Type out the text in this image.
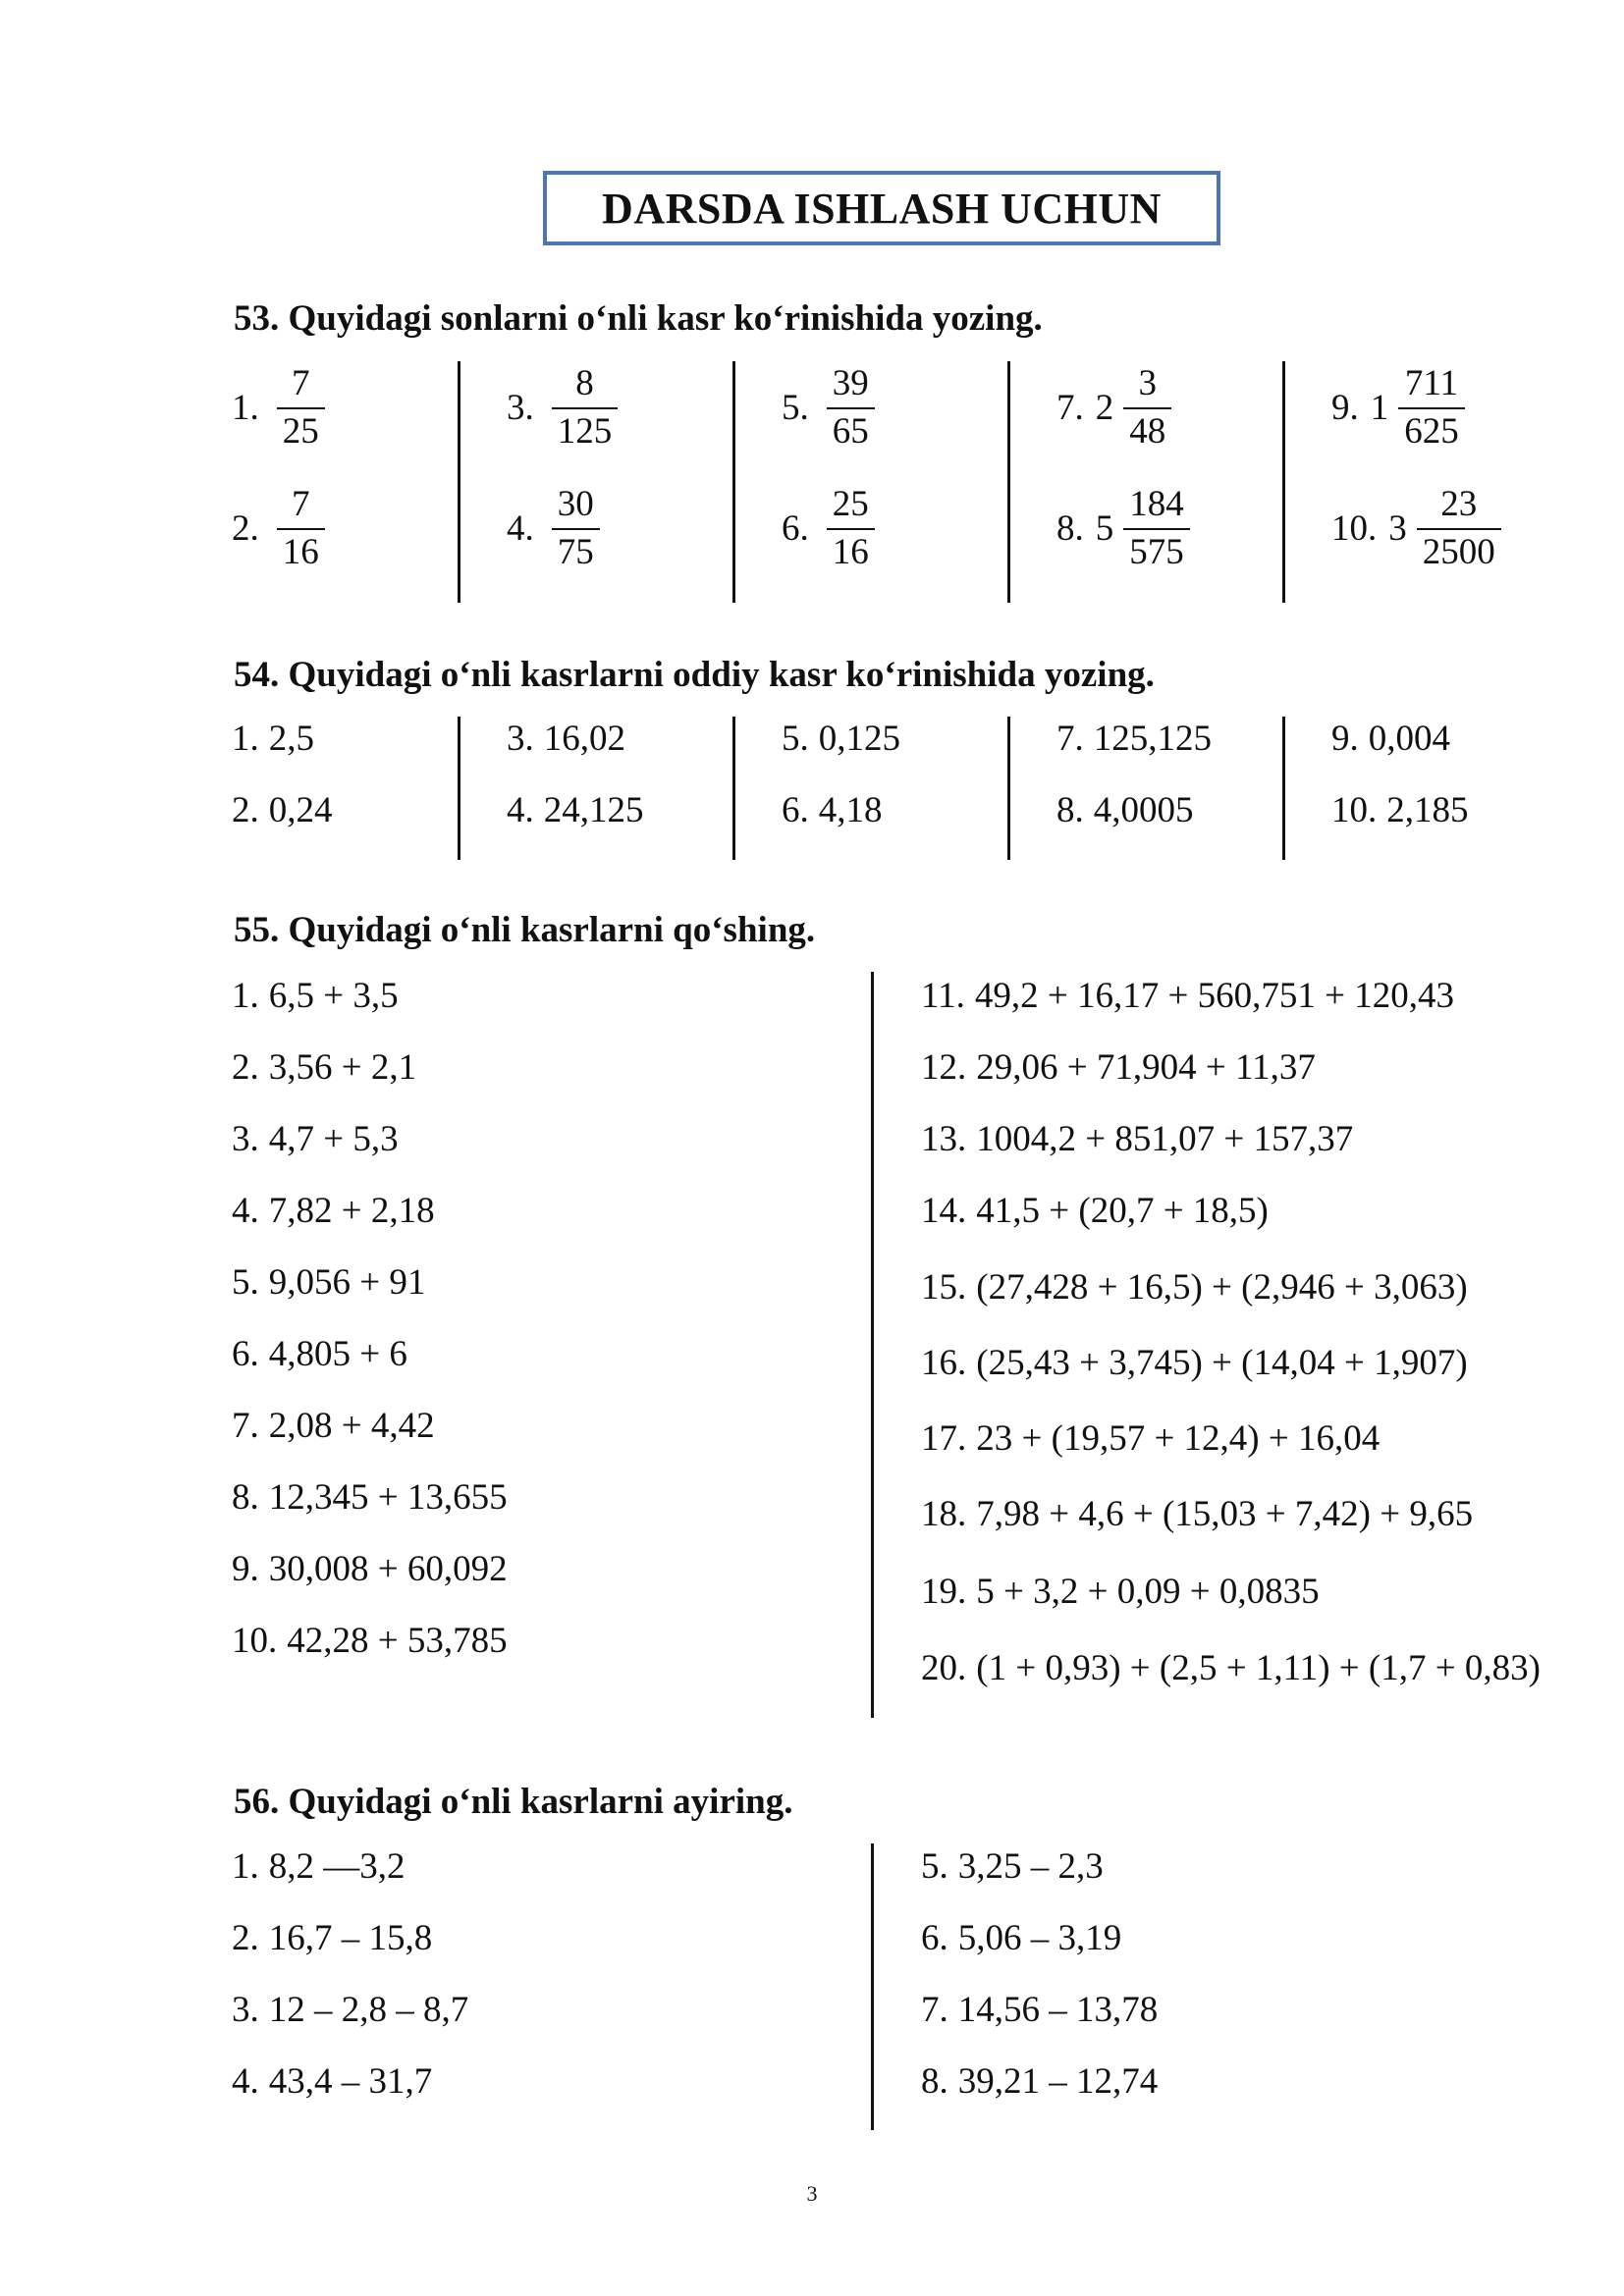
DARSDA ISHLASH UCHUN
53. Quyidagi sonlarni o‘nli kasr ko‘rinishida yozing.
1. $\frac{7}{25}$
2. $\frac{7}{16}$
3. $\frac{8}{125}$
4. $\frac{30}{75}$
5. $\frac{39}{65}$
6. $\frac{25}{16}$
7. $2 \frac{3}{48}$
8. $5 \frac{184}{575}$
9. $1 \frac{711}{625}$
10. $3 \frac{23}{2500}$
54. Quyidagi o‘nli kasrlarni oddiy kasr ko‘rinishida yozing.
1. 2,5
2. 0,24
3. 16,02
4. 24,125
5. 0,125
6. 4,18
7. 125,125
8. 4,0005
9. 0,004
10. 2,185
55. Quyidagi o‘nli kasrlarni qo‘shing.
1. 6,5 + 3,5
2. 3,56 + 2,1
3. 4,7 + 5,3
4. 7,82 + 2,18
5. 9,056 + 91
6. 4,805 + 6
7. 2,08 + 4,42
8. 12,345 + 13,655
9. 30,008 + 60,092
10. 42,28 + 53,785
11. 49,2 + 16,17 + 560,751 + 120,43
12. 29,06 + 71,904 + 11,37
13. 1004,2 + 851,07 + 157,37
14. 41,5 + (20,7 + 18,5)
15. (27,428 + 16,5) + (2,946 + 3,063)
16. (25,43 + 3,745) + (14,04 + 1,907)
17. 23 + (19,57 + 12,4) + 16,04
18. 7,98 + 4,6 + (15,03 + 7,42) + 9,65
19. 5 + 3,2 + 0,09 + 0,0835
20. (1 + 0,93) + (2,5 + 1,11) + (1,7 + 0,83)
56. Quyidagi o‘nli kasrlarni ayiring.
1. 8,2 —3,2
2. 16,7 – 15,8
3. 12 – 2,8 – 8,7
4. 43,4 – 31,7
5. 3,25 – 2,3
6. 5,06 – 3,19
7. 14,56 – 13,78
8. 39,21 – 12,74
3
